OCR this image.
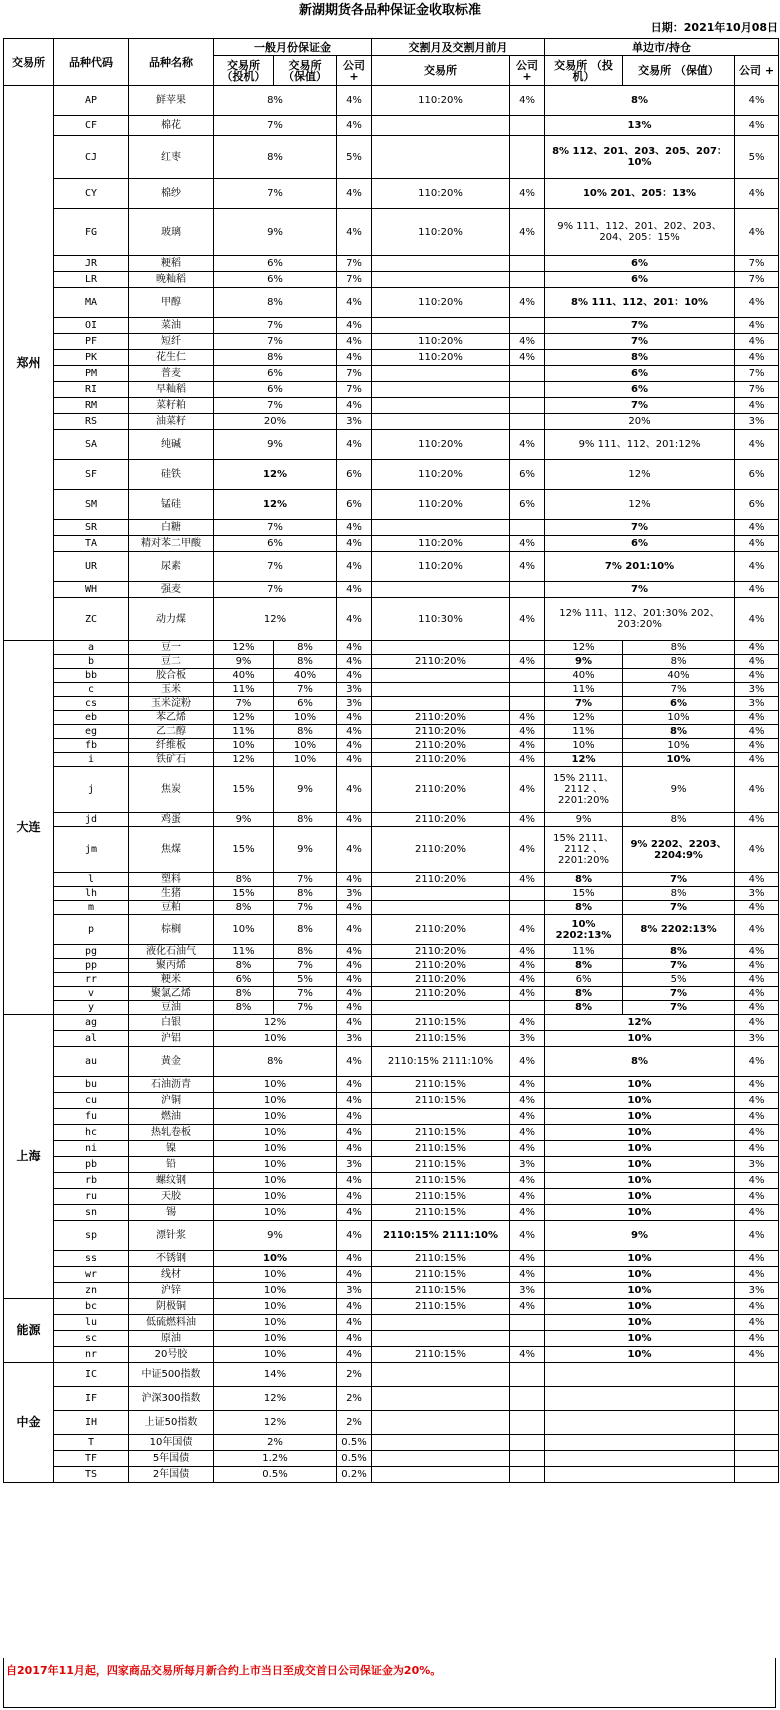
新湖期货各品种保证金收取标准
日期：2021年10月08日
交易所	品种代码	品种名称	一般月份保证金			交割月及交割月前月		单边市/持仓		
			交易所 （投机）	交易所 （保值）	公司 +	交易所	公司 +	交易所 （投机）	交易所 （保值）	公司 +
郑州	AP	鲜苹果	8%		4%	110:20%	4%	8%		4%
	CF	棉花	7%		4%			13%		4%
	CJ	红枣	8%		5%			8% 112、201、203、205、207：10%		5%
	CY	棉纱	7%		4%	110:20%	4%	10% 201、205：13%		4%
	FG	玻璃	9%		4%	110:20%	4%	9% 111、112、201、202、203、204、205：15%		4%
	JR	粳稻	6%		7%			6%		7%
	LR	晚籼稻	6%		7%			6%		7%
	MA	甲醇	8%		4%	110:20%	4%	8% 111、112、201：10%		4%
	OI	菜油	7%		4%			7%		4%
	PF	短纤	7%		4%	110:20%	4%	7%		4%
	PK	花生仁	8%		4%	110:20%	4%	8%		4%
	PM	普麦	6%		7%			6%		7%
	RI	早籼稻	6%		7%			6%		7%
	RM	菜籽粕	7%		4%			7%		4%
	RS	油菜籽	20%		3%			20%		3%
	SA	纯碱	9%		4%	110:20%	4%	9% 111、112、201:12%		4%
	SF	硅铁	12%		6%	110:20%	6%	12%		6%
	SM	锰硅	12%		6%	110:20%	6%	12%		6%
	SR	白糖	7%		4%			7%		4%
	TA	精对苯二甲酸	6%		4%	110:20%	4%	6%		4%
	UR	尿素	7%		4%	110:20%	4%	7% 201:10%		4%
	WH	强麦	7%		4%			7%		4%
	ZC	动力煤	12%		4%	110:30%	4%	12% 111、112、201:30% 202、203:20%		4%
大连	a	豆一	12%	8%	4%			12%	8%	4%
	b	豆二	9%	8%	4%	2110:20%	4%	9%	8%	4%
	bb	胶合板	40%	40%	4%			40%	40%	4%
	c	玉米	11%	7%	3%			11%	7%	3%
	cs	玉米淀粉	7%	6%	3%			7%	6%	3%
	eb	苯乙烯	12%	10%	4%	2110:20%	4%	12%	10%	4%
	eg	乙二醇	11%	8%	4%	2110:20%	4%	11%	8%	4%
	fb	纤维板	10%	10%	4%	2110:20%	4%	10%	10%	4%
	i	铁矿石	12%	10%	4%	2110:20%	4%	12%	10%	4%
	j	焦炭	15%	9%	4%	2110:20%	4%	15% 2111、2112 、2201:20%	9%	4%
	jd	鸡蛋	9%	8%	4%	2110:20%	4%	9%	8%	4%
	jm	焦煤	15%	9%	4%	2110:20%	4%	15% 2111、2112 、2201:20%	9% 2202、2203、2204:9%	4%
	l	塑料	8%	7%	4%	2110:20%	4%	8%	7%	4%
	lh	生猪	15%	8%	3%			15%	8%	3%
	m	豆粕	8%	7%	4%			8%	7%	4%
	p	棕榈	10%	8%	4%	2110:20%	4%	10% 2202:13%	8% 2202:13%	4%
	pg	液化石油气	11%	8%	4%	2110:20%	4%	11%	8%	4%
	pp	聚丙烯	8%	7%	4%	2110:20%	4%	8%	7%	4%
	rr	粳米	6%	5%	4%	2110:20%	4%	6%	5%	4%
	v	聚氯乙烯	8%	7%	4%	2110:20%	4%	8%	7%	4%
	y	豆油	8%	7%	4%			8%	7%	4%
上海	ag	白银	12%		4%	2110:15%	4%	12%		4%
	al	沪铝	10%		3%	2110:15%	3%	10%		3%
	au	黄金	8%		4%	2110:15% 2111:10%	4%	8%		4%
	bu	石油沥青	10%		4%	2110:15%	4%	10%		4%
	cu	沪铜	10%		4%	2110:15%	4%	10%		4%
	fu	燃油	10%		4%		4%	10%		4%
	hc	热轧卷板	10%		4%	2110:15%	4%	10%		4%
	ni	镍	10%		4%	2110:15%	4%	10%		4%
	pb	铅	10%		3%	2110:15%	3%	10%		3%
	rb	螺纹钢	10%		4%	2110:15%	4%	10%		4%
	ru	天胶	10%		4%	2110:15%	4%	10%		4%
	sn	锡	10%		4%	2110:15%	4%	10%		4%
	sp	漂针浆	9%		4%	2110:15% 2111:10%	4%	9%		4%
	ss	不锈钢	10%		4%	2110:15%	4%	10%		4%
	wr	线材	10%		4%	2110:15%	4%	10%		4%
	zn	沪锌	10%		3%	2110:15%	3%	10%		3%
能源	bc	阴极铜	10%		4%	2110:15%	4%	10%		4%
	lu	低硫燃料油	10%		4%			10%		4%
	sc	原油	10%		4%			10%		4%
	nr	20号胶	10%		4%	2110:15%	4%	10%		4%
中金	IC	中证500指数	14%		2%					
	IF	沪深300指数	12%		2%					
	IH	上证50指数	12%		2%					
	T	10年国债	2%		0.5%					
	TF	5年国债	1.2%		0.5%					
	TS	2年国债	0.5%		0.2%					
自2017年11月起，四家商品交易所每月新合约上市当日至成交首日公司保证金为20%。
